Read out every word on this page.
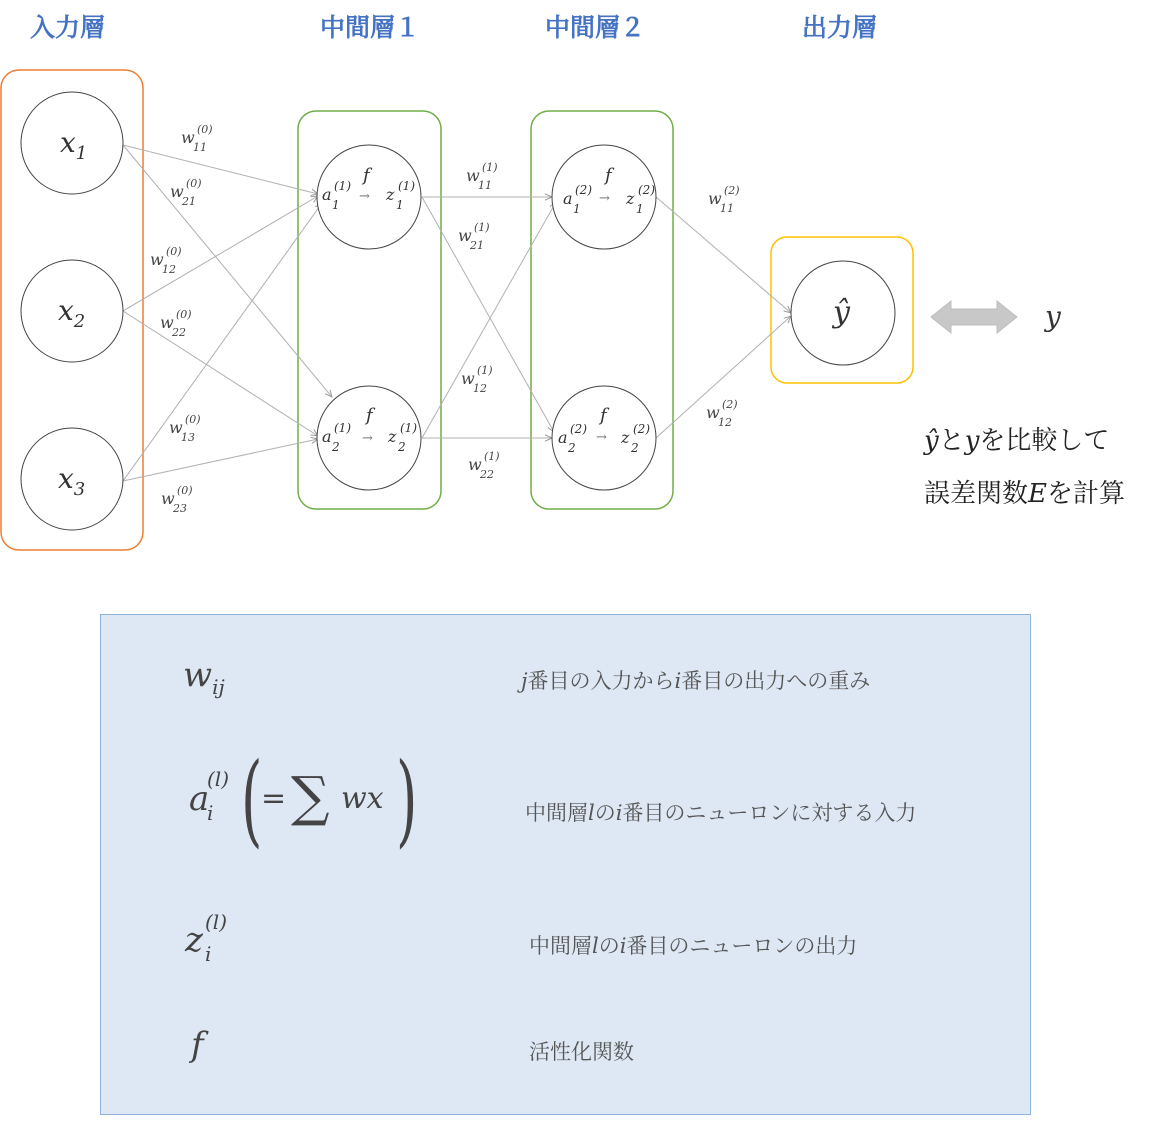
入力層	中間層１	中間層２	出力層
$x_1$
$x_2$
$x_3$
f
a
1
(1)
→ z
1
(1)
f
a
2
(1)
→ z
2
(1)
f
a
1
(2)
→ z
1
(2)
f
a
2
(2)
→ z
2
(2)
ŷ
w
11
(0)
w
21
(0)
w
12
(0)
w
22
(0)
w
13
(0)
w
23
(0)
w
11
(1)
w
21
(1)
w
12
(1)
w
22
(1)
w
11
(2)
w
12
(2)
y
ŷとyを比較して
誤差関数Eを計算
$w_{ij}$	j番目の入力からi番目の出力への重み
a
(l)
i (
= ∑ wx )	中間層lのi番目のニューロンに対する入力
z (l)
i	中間層lのi番目のニューロンの出力
f	活性化関数
